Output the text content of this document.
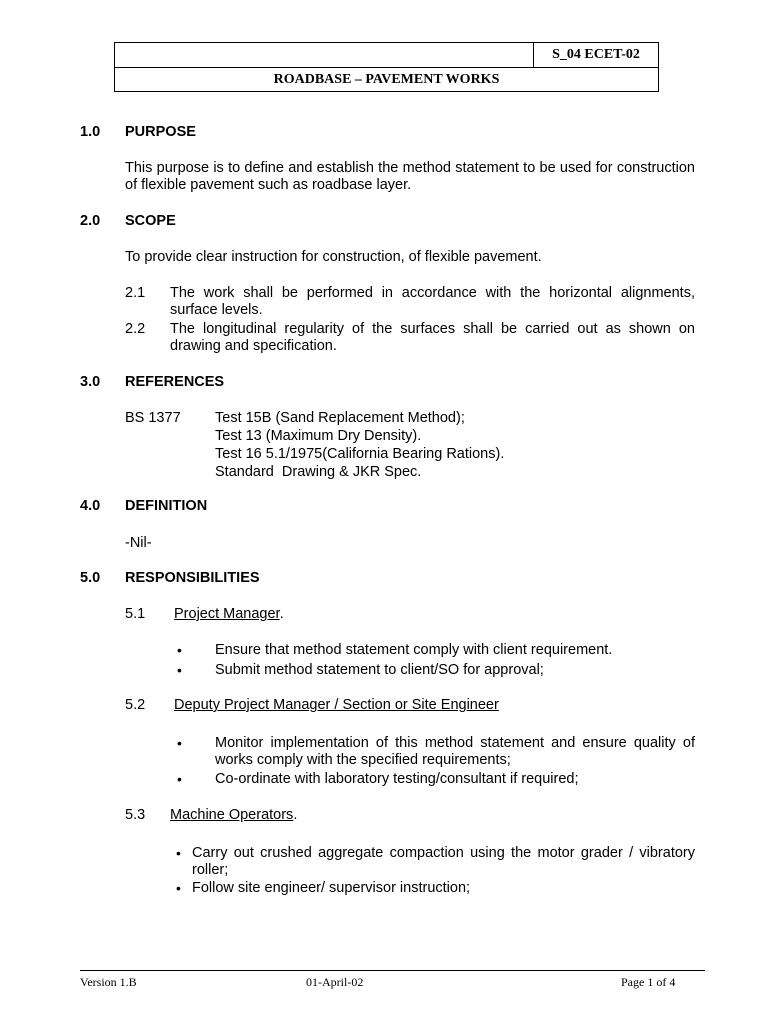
S_04 ECET-02
ROADBASE – PAVEMENT WORKS
1.0 PURPOSE
This purpose is to define and establish the method statement to be used for construction of flexible pavement such as roadbase layer.
2.0 SCOPE
To provide clear instruction for construction, of flexible pavement.
2.1 The work shall be performed in accordance with the horizontal alignments, surface levels.
2.2 The longitudinal regularity of the surfaces shall be carried out as shown on drawing and specification.
3.0 REFERENCES
BS 1377 Test 15B (Sand Replacement Method);
Test 13 (Maximum Dry Density).
Test 16 5.1/1975(California Bearing Rations).
Standard  Drawing & JKR Spec.
4.0 DEFINITION
-Nil-
5.0 RESPONSIBILITIES
5.1 Project Manager.
• Ensure that method statement comply with client requirement.
• Submit method statement to client/SO for approval;
5.2 Deputy Project Manager / Section or Site Engineer
• Monitor implementation of this method statement and ensure quality of works comply with the specified requirements;
• Co-ordinate with laboratory testing/consultant if required;
5.3 Machine Operators.
• Carry out crushed aggregate compaction using the motor grader / vibratory roller;
• Follow site engineer/ supervisor instruction;
Version 1.B	01-April-02	Page 1 of 4
